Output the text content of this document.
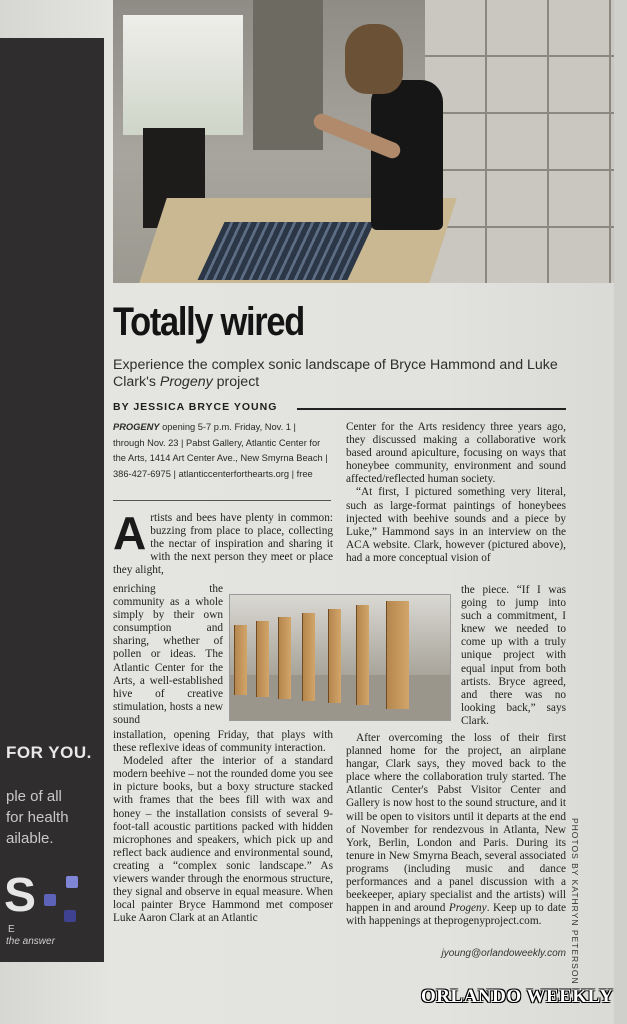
FOR YOU.
ple of all
for health
ailable.
S
E
the answer
Totally wired
Experience the complex sonic landscape of Bryce Hammond and Luke Clark's Progeny project
BY JESSICA BRYCE YOUNG
PROGENY opening 5-7 p.m. Friday, Nov. 1 | through Nov. 23 | Pabst Gallery, Atlantic Center for the Arts, 1414 Art Center Ave., New Smyrna Beach | 386-427-6975 | atlanticcenterforthearts.org | free
Artists and bees have plenty in common: buzzing from place to place, collecting the nectar of inspiration and sharing it with the next person they meet or place they alight,
enriching the community as a whole simply by their own consumption and sharing, whether of pollen or ideas. The Atlantic Center for the Arts, a well-established hive of creative stimulation, hosts a new sound

installation, opening Friday, that plays with these reflexive ideas of community interaction.

Modeled after the interior of a standard modern beehive – not the rounded dome you see in picture books, but a boxy structure stacked with frames that the bees fill with wax and honey – the installation consists of several 9-foot-tall acoustic partitions packed with hidden microphones and speakers, which pick up and reflect back audience and environmental sound, creating a “complex sonic landscape.” As viewers wander through the enormous structure, they signal and observe in equal measure. When local painter Bryce Hammond met composer Luke Aaron Clark at an Atlantic

Center for the Arts residency three years ago, they discussed making a collaborative work based around apiculture, focusing on ways that honeybee community, environment and sound affected/reflected human society.

“At first, I pictured something very literal, such as large-format paintings of honeybees injected with beehive sounds and a piece by Luke,” Hammond says in an interview on the ACA website. Clark, however (pictured above), had a more conceptual vision of

the piece. “If I was going to jump into such a commitment, I knew we needed to come up with a truly unique project with equal input from both artists. Bryce agreed, and there was no looking back,” says Clark.

After overcoming the loss of their first planned home for the project, an airplane hangar, Clark says, they moved back to the place where the collaboration truly started. The Atlantic Center's Pabst Visitor Center and Gallery is now host to the sound structure, and it will be open to visitors until it departs at the end of November for rendezvous in Atlanta, New York, Berlin, London and Paris. During its tenure in New Smyrna Beach, several associated programs (including music and dance performances and a panel discussion with a beekeeper, apiary specialist and the artists) will happen in and around Progeny. Keep up to date with happenings at theprogenyproject.com.

jyoung@orlandoweekly.com PHOTOS BY KATHRYN PETERSON
ORLANDO WEEKLY
